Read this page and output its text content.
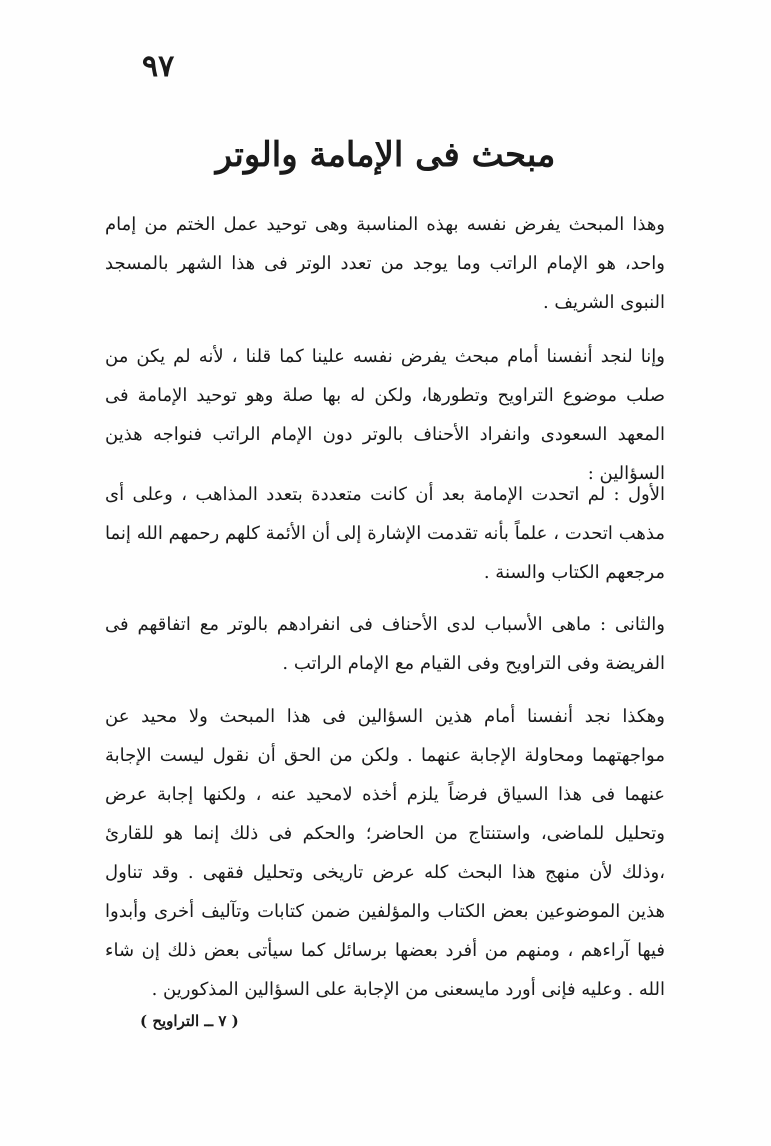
٩٧
مبحث فى الإمامة والوتر

وهذا المبحث يفرض نفسه بهذه المناسبة وهى توحيد عمل الختم من إمام واحد، هو الإمام الراتب وما يوجد من تعدد الوتر فى هذا الشهر بالمسجد النبوى الشريف .

وإنا لنجد أنفسنا أمام مبحث يفرض نفسه علينا كما قلنا ، لأنه لم يكن من صلب موضوع التراويح وتطورها، ولكن له بها صلة وهو توحيد الإمامة فى المعهد السعودى وانفراد الأحناف بالوتر دون الإمام الراتب فنواجه هذين السؤالين :

الأول : لم اتحدت الإمامة بعد أن كانت متعددة بتعدد المذاهب ، وعلى أى مذهب اتحدت ، علماً بأنه تقدمت الإشارة إلى أن الأئمة كلهم رحمهم الله إنما مرجعهم الكتاب والسنة .

والثانى : ماهى الأسباب لدى الأحناف فى انفرادهم بالوتر مع اتفاقهم فى الفريضة وفى التراويح وفى القيام مع الإمام الراتب .

وهكذا نجد أنفسنا أمام هذين السؤالين فى هذا المبحث ولا محيد عن مواجهتهما ومحاولة الإجابة عنهما . ولكن من الحق أن نقول ليست الإجابة عنهما فى هذا السياق فرضاً يلزم أخذه لامحيد عنه ، ولكنها إجابة عرض وتحليل للماضى، واستنتاج من الحاضر؛ والحكم فى ذلك إنما هو للقارئ ،وذلك لأن منهج هذا البحث كله عرض تاريخى وتحليل فقهى . وقد تناول هذين الموضوعين بعض الكتاب والمؤلفين ضمن كتابات وتآليف أخرى وأبدوا فيها آراءهم ، ومنهم من أفرد بعضها برسائل كما سيأتى بعض ذلك إن شاء الله . وعليه فإنى أورد مايسعنى من الإجابة على السؤالين المذكورين .

( ٧ ــ التراويح )
